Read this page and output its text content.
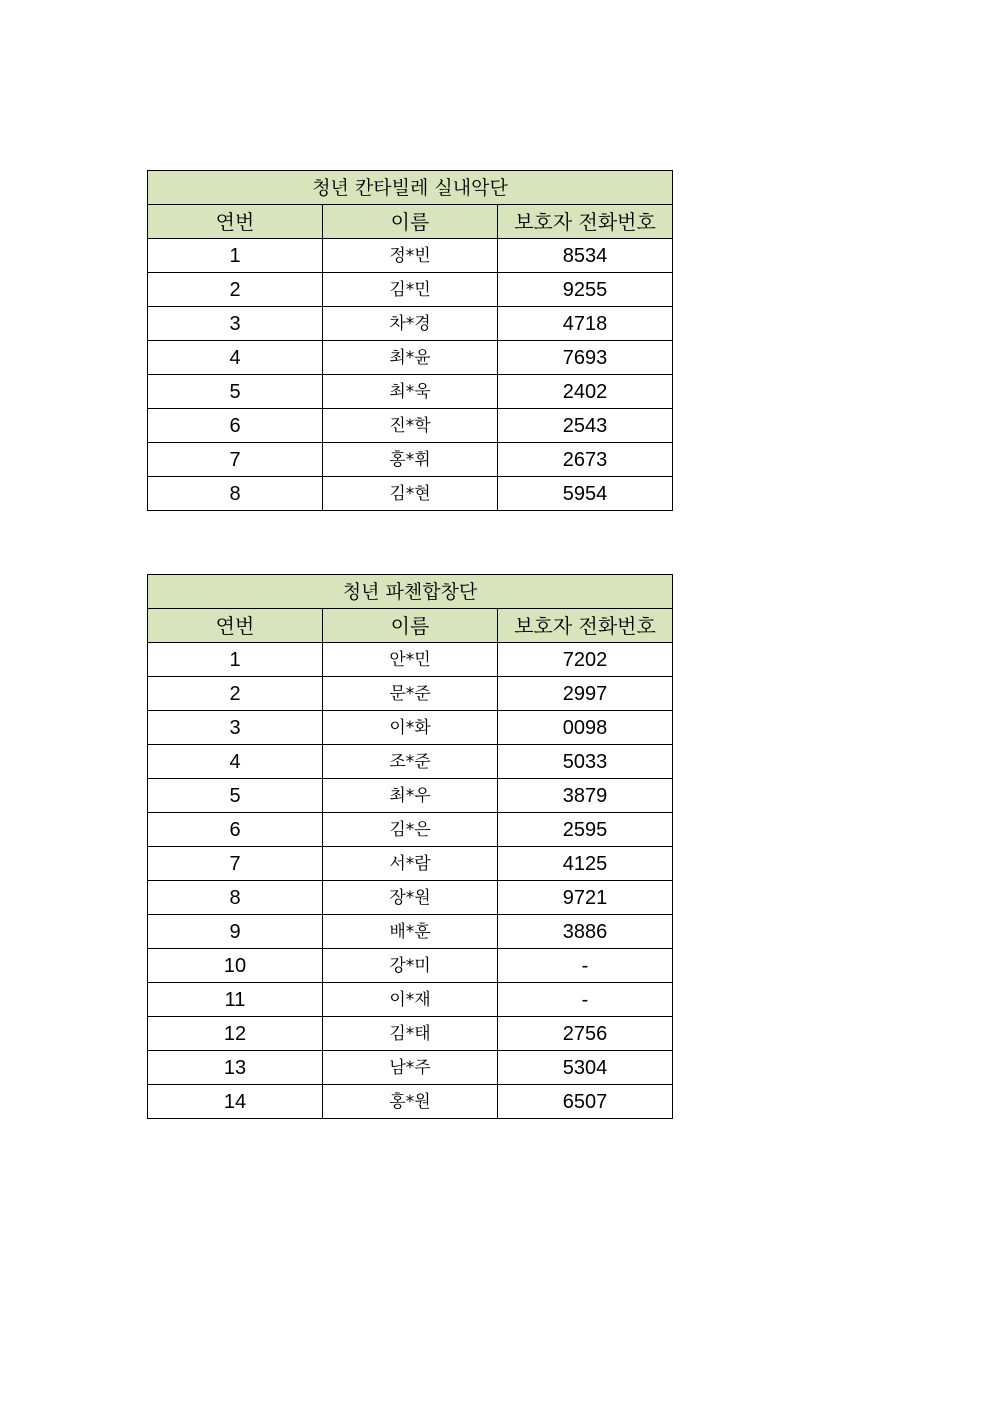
청년 칸타빌레 실내악단		
연번	이름	보호자 전화번호
1	정*빈	8534
2	김*민	9255
3	차*경	4718
4	최*윤	7693
5	최*욱	2402
6	진*학	2543
7	홍*휘	2673
8	김*현	5954
청년 파첸합창단		
연번	이름	보호자 전화번호
1	안*민	7202
2	문*준	2997
3	이*화	0098
4	조*준	5033
5	최*우	3879
6	김*은	2595
7	서*람	4125
8	장*원	9721
9	배*훈	3886
10	강*미	-
11	이*재	-
12	김*태	2756
13	남*주	5304
14	홍*원	6507
